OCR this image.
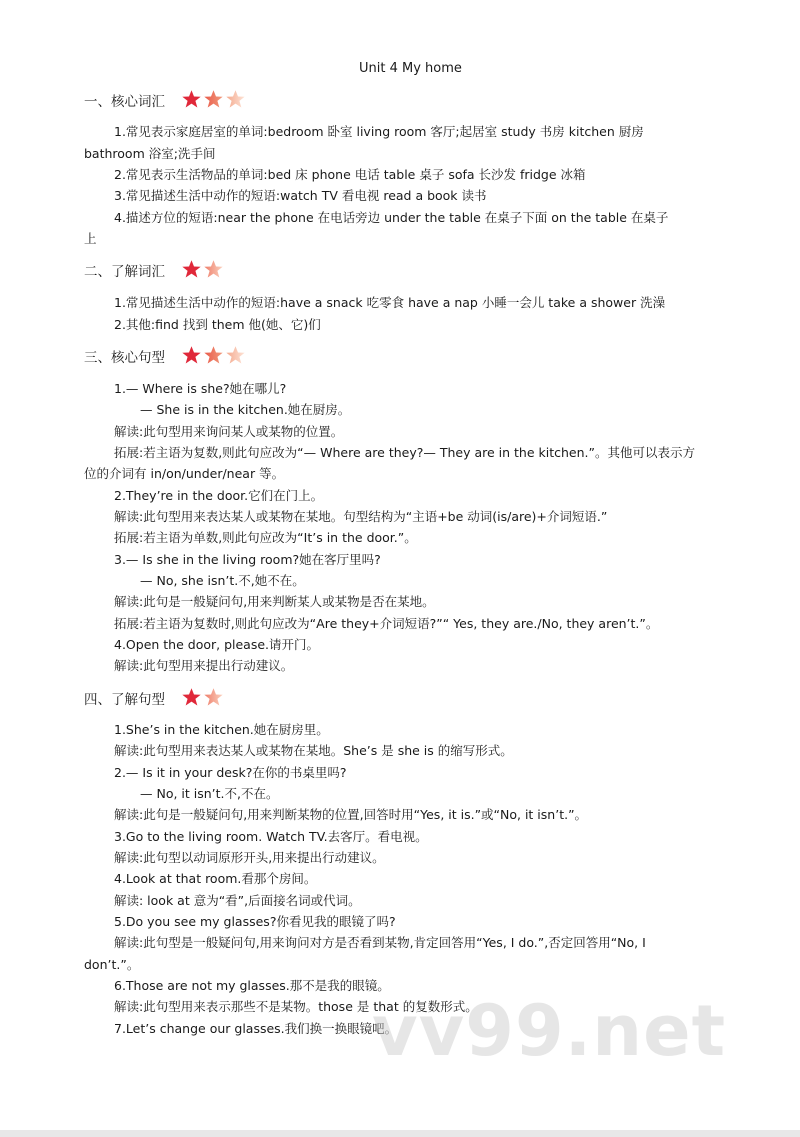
Unit 4 My home
一、核心词汇
1.常见表示家庭居室的单词:bedroom 卧室 living room 客厅;起居室 study 书房 kitchen 厨房
bathroom 浴室;洗手间
2.常见表示生活物品的单词:bed 床 phone 电话 table 桌子 sofa 长沙发 fridge 冰箱
3.常见描述生活中动作的短语:watch TV 看电视 read a book 读书
4.描述方位的短语:near the phone 在电话旁边 under the table 在桌子下面 on the table 在桌子
上
二、了解词汇
1.常见描述生活中动作的短语:have a snack 吃零食 have a nap 小睡一会儿 take a shower 洗澡
2.其他:find 找到 them 他(她、它)们
三、核心句型
1.— Where is she?她在哪儿?
— She is in the kitchen.她在厨房。
解读:此句型用来询问某人或某物的位置。
拓展:若主语为复数,则此句应改为“— Where are they?— They are in the kitchen.”。其他可以表示方
位的介词有 in/on/under/near 等。
2.They’re in the door.它们在门上。
解读:此句型用来表达某人或某物在某地。句型结构为“主语+be 动词(is/are)+介词短语.”
拓展:若主语为单数,则此句应改为“It’s in the door.”。
3.— Is she in the living room?她在客厅里吗?
— No, she isn’t.不,她不在。
解读:此句是一般疑问句,用来判断某人或某物是否在某地。
拓展:若主语为复数时,则此句应改为“Are they+介词短语?”“ Yes, they are./No, they aren’t.”。
4.Open the door, please.请开门。
解读:此句型用来提出行动建议。
四、了解句型
1.She’s in the kitchen.她在厨房里。
解读:此句型用来表达某人或某物在某地。She’s 是 she is 的缩写形式。
2.— Is it in your desk?在你的书桌里吗?
— No, it isn’t.不,不在。
解读:此句是一般疑问句,用来判断某物的位置,回答时用“Yes, it is.”或“No, it isn’t.”。
3.Go to the living room. Watch TV.去客厅。看电视。
解读:此句型以动词原形开头,用来提出行动建议。
4.Look at that room.看那个房间。
解读: look at 意为“看”,后面接名词或代词。
5.Do you see my glasses?你看见我的眼镜了吗?
解读:此句型是一般疑问句,用来询问对方是否看到某物,肯定回答用“Yes, I do.”,否定回答用“No, I
don’t.”。
6.Those are not my glasses.那不是我的眼镜。
解读:此句型用来表示那些不是某物。those 是 that 的复数形式。
7.Let’s change our glasses.我们换一换眼镜吧。
vv99.net
